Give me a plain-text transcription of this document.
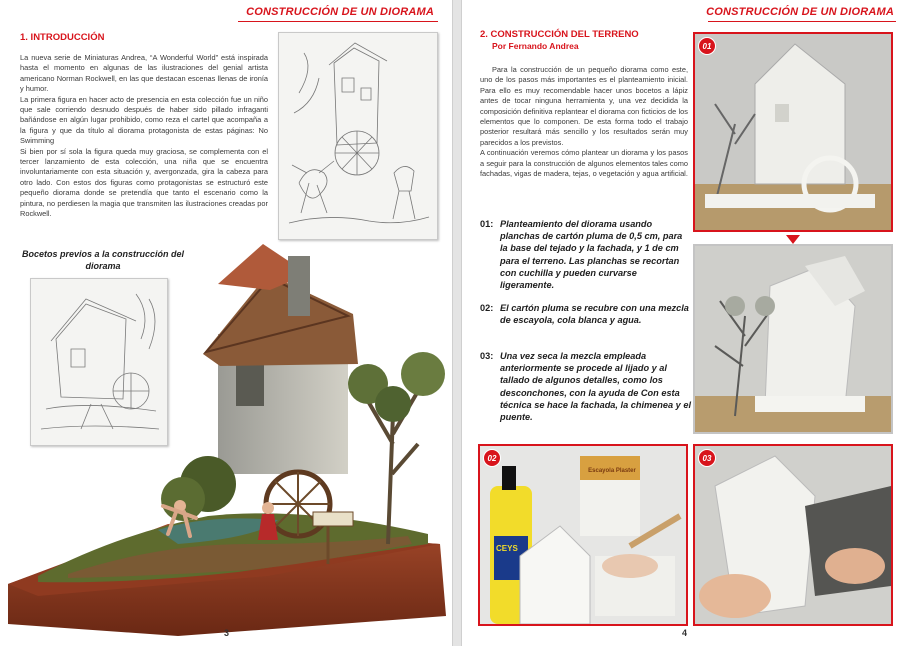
CONSTRUCCIÓN DE UN DIORAMA
1. INTRODUCCIÓN

La nueva serie de Miniaturas Andrea, “A Wonderful World” está inspirada hasta el momento en algunas de las ilustraciones del genial artista americano Norman Rockwell, en las que destacan escenas llenas de ironía y humor.

La primera figura en hacer acto de presencia en esta colección fue un niño que sale corriendo desnudo después de haber sido pillado infraganti bañándose en algún lugar prohibido, como reza el cartel que acompaña a la figura y que da título al diorama protagonista de estas páginas: No Swimming

Si bien por sí sola la figura queda muy graciosa, se complementa con el tercer lanzamiento de esta colección, una niña que se encuentra involuntariamente con esta situación y, avergonzada, gira la cabeza para otro lado. Con estos dos figuras como protagonistas se estructuró este pequeño diorama donde se pretendía que tanto el escenario como la pintura, no perdiesen la magia que transmiten las ilustraciones creadas por Rockwell.

Bocetos previos a la construcción del diorama
3
CONSTRUCCIÓN DE UN DIORAMA
2. CONSTRUCCIÓN DEL TERRENO
Por Fernando Andrea

Para la construcción de un pequeño diorama como este, uno de los pasos más importantes es el planteamiento inicial. Para ello es muy recomendable hacer unos bocetos a lápiz antes de tocar ninguna herramienta y, una vez decidida la composición definitiva replantear el diorama con ficticios de los elementos que lo componen. De esta forma todo el trabajo posterior resultará más sencillo y los resultados serán muy parecidos a los previstos.

A continuación veremos cómo plantear un diorama y los pasos a seguir para la construcción de algunos elementos tales como fachadas, vigas de madera, tejas, o vegetación y agua artificial.

01: Planteamiento del diorama usando planchas de cartón pluma de 0,5 cm, para la base del tejado y la fachada, y 1 de cm para el terreno. Las planchas se recortan con cuchilla y pueden curvarse ligeramente.
02: El cartón pluma se recubre con una mezcla de escayola, cola blanca y agua.
03: Una vez seca la mezcla empleada anteriormente se procede al lijado y al tallado de algunos detalles, como los desconchones, con la ayuda de Con esta técnica se hace la fachada, la chimenea y el puente.
01
02
CEYS
Escayola Plaster
03
4
